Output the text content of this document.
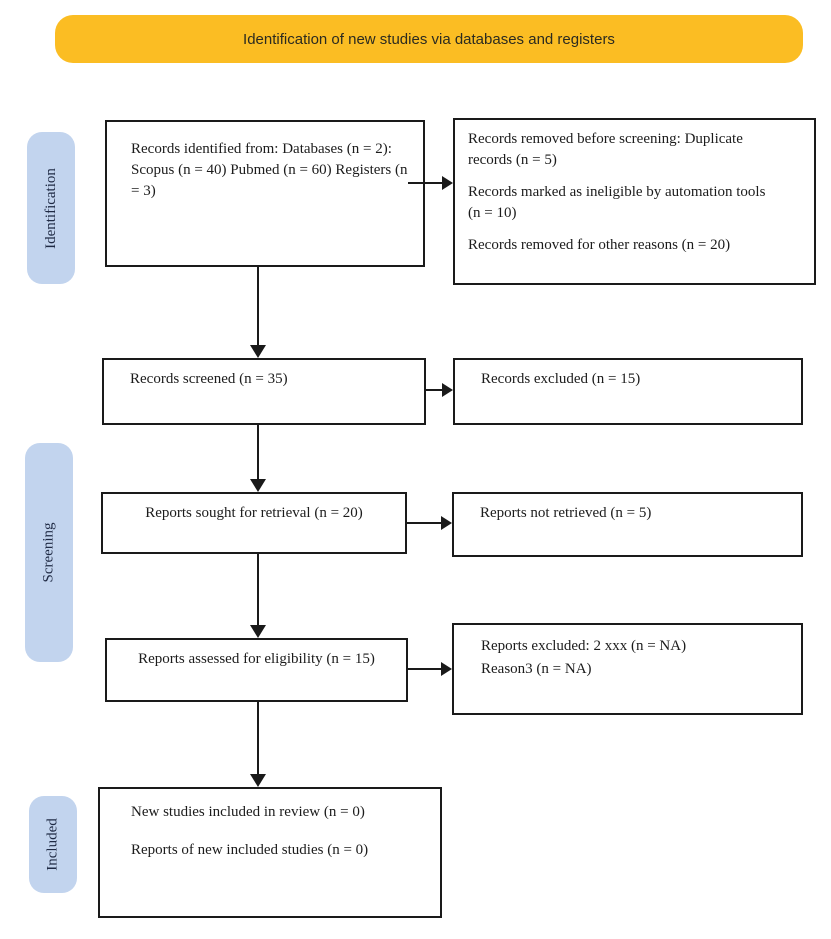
Identification of new studies via databases and registers
Identification
Screening
Included
Records identified from: Databases (n = 2): Scopus (n = 40) Pubmed (n = 60) Registers (n = 3)

Records removed before screening: Duplicate records (n = 5)

Records marked as ineligible by automation tools (n = 10)

Records removed for other reasons (n = 20)

Records screened (n = 35)	Records excluded (n = 15)
Reports sought for retrieval (n = 20)	Reports not retrieved (n = 5)
Reports assessed for eligibility (n = 15)
Reports excluded: 2 xxx (n = NA)
Reason3 (n = NA)

New studies included in review (n = 0)

Reports of new included studies (n = 0)
